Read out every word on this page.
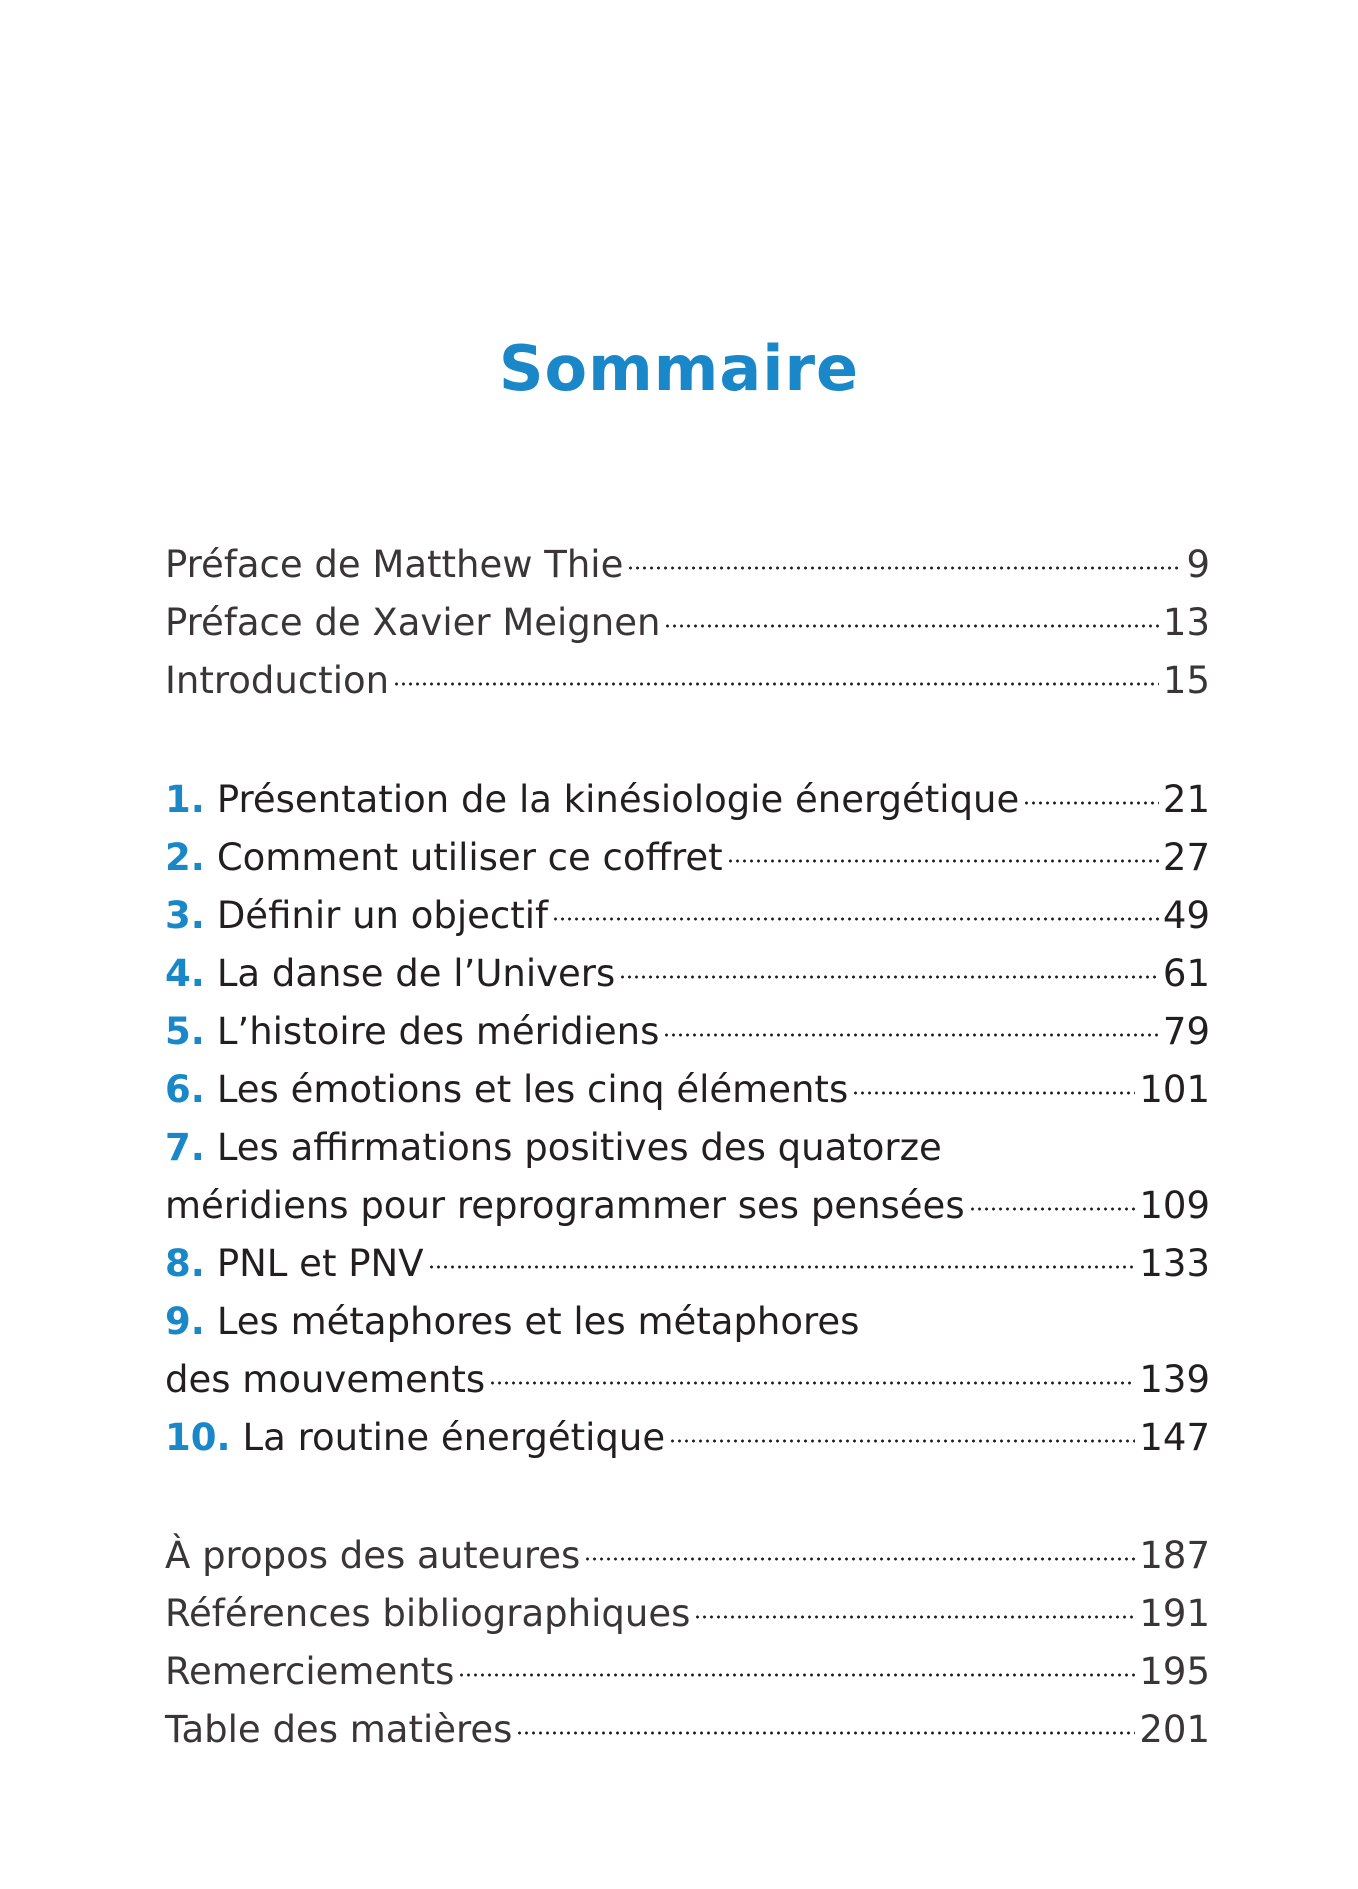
Sommaire
Préface de Matthew Thie	9
Préface de Xavier Meignen	13
Introduction	15
1. Présentation de la kinésiologie énergétique	21
2. Comment utiliser ce coffret	27
3. Définir un objectif	49
4. La danse de l’Univers	61
5. L’histoire des méridiens	79
6. Les émotions et les cinq éléments	101
7. Les affirmations positives des quatorze
méridiens pour reprogrammer ses pensées	109
8. PNL et PNV	133
9. Les métaphores et les métaphores
des mouvements	139
10. La routine énergétique	147
À propos des auteures	187
Références bibliographiques	191
Remerciements	195
Table des matières	201
